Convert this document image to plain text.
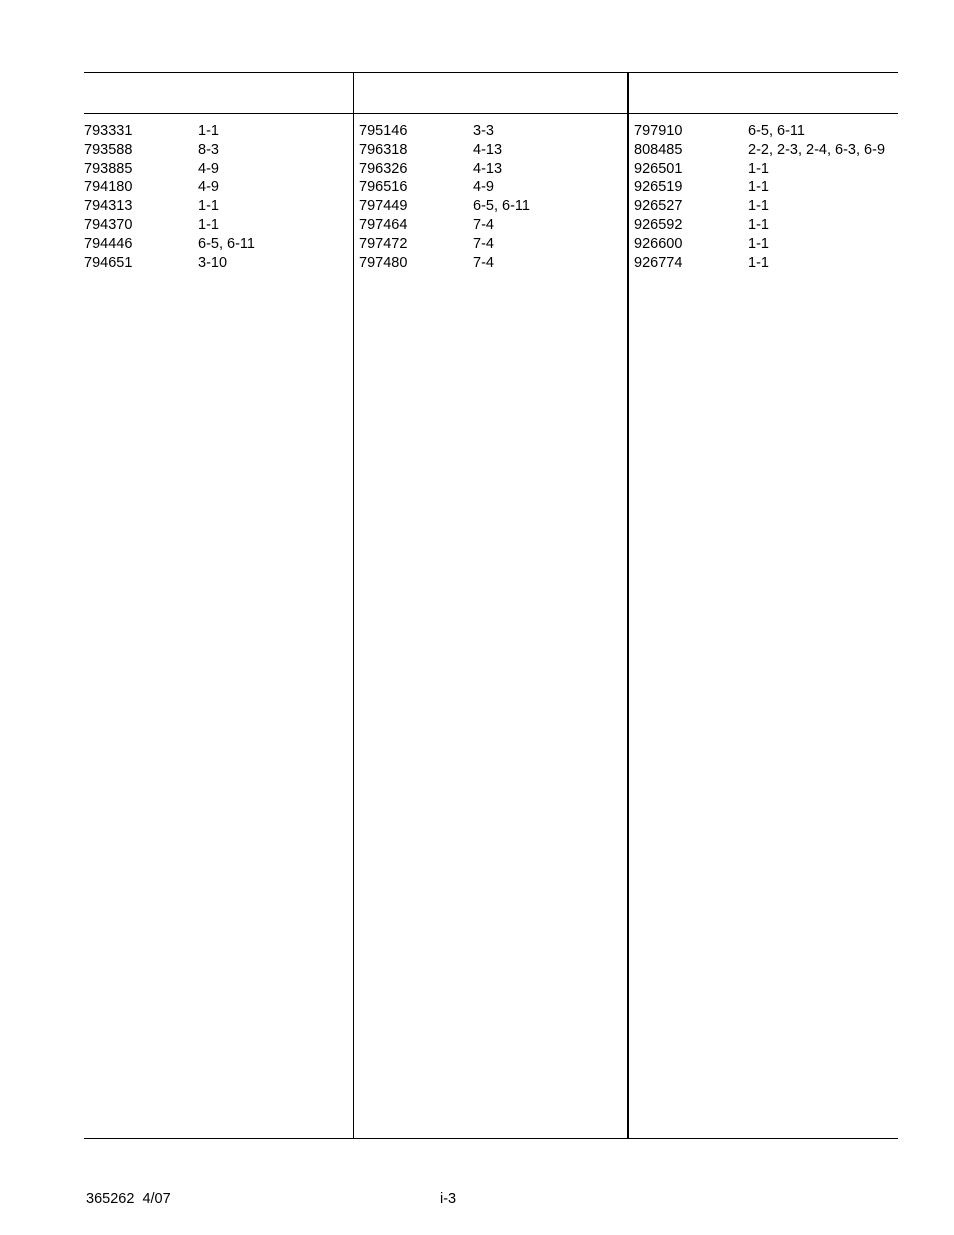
793331	1-1
793588	8-3
793885	4-9
794180	4-9
794313	1-1
794370	1-1
794446	6-5, 6-11
794651	3-10
795146	3-3
796318	4-13
796326	4-13
796516	4-9
797449	6-5, 6-11
797464	7-4
797472	7-4
797480	7-4
797910	6-5, 6-11
808485	2-2, 2-3, 2-4, 6-3, 6-9
926501	1-1
926519	1-1
926527	1-1
926592	1-1
926600	1-1
926774	1-1
365262  4/07	i-3
